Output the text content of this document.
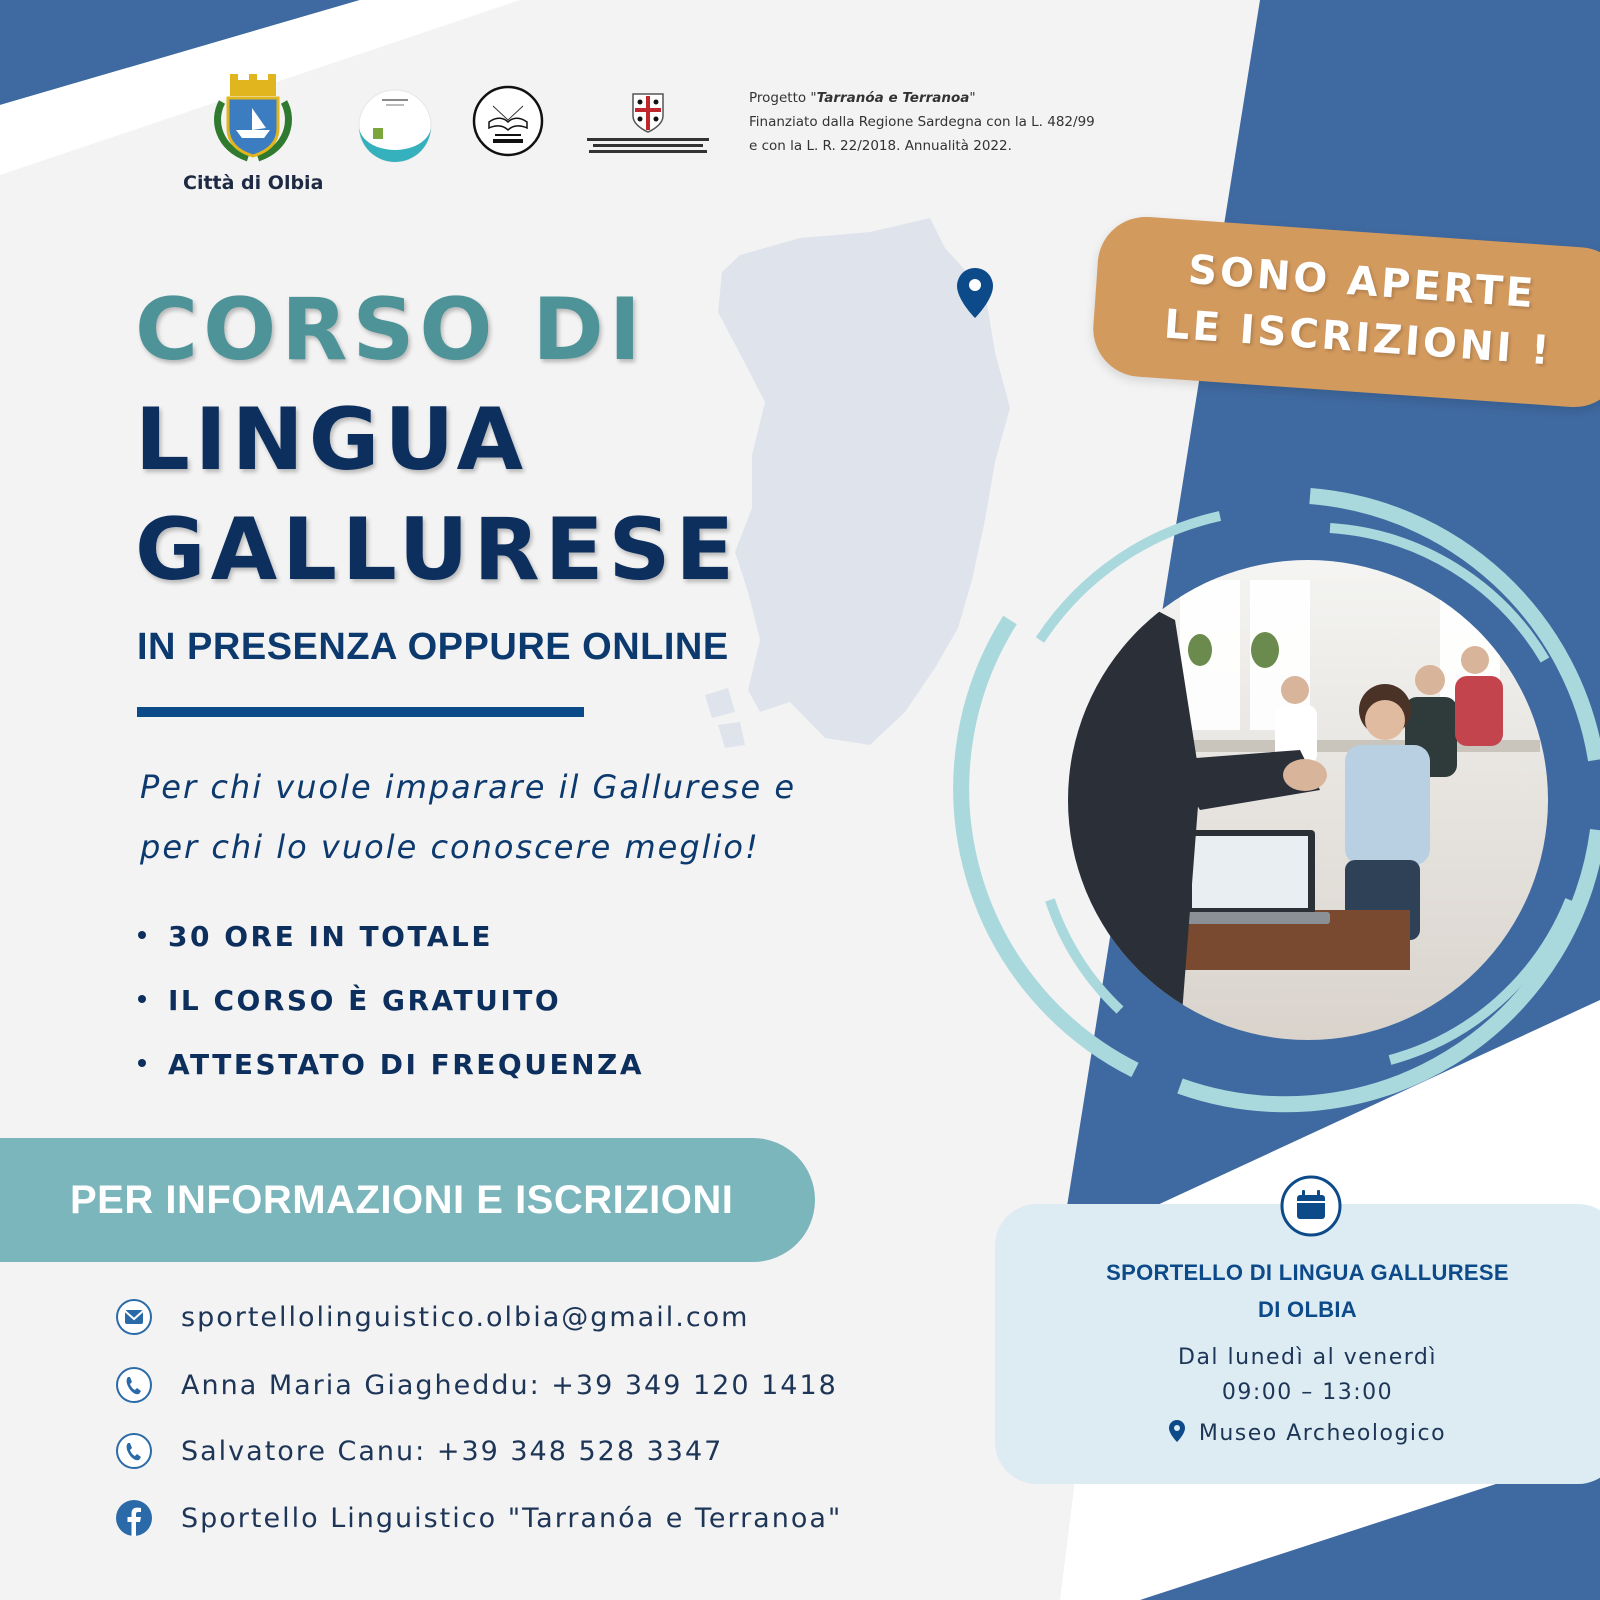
Città di Olbia
Progetto "Tarranóa e Terranoa"
Finanziato dalla Regione Sardegna con la L. 482/99
e con la L. R. 22/2018. Annualità 2022.
CORSO DI
LINGUA
GALLURESE
IN PRESENZA OPPURE ONLINE
Per chi vuole imparare il Gallurese e
per chi lo vuole conoscere meglio!
30 ORE IN TOTALE
IL CORSO È GRATUITO
ATTESTATO DI FREQUENZA
SONO APERTE
LE ISCRIZIONI !
PER INFORMAZIONI E ISCRIZIONI
sportellolinguistico.olbia@gmail.com
Anna Maria Giagheddu: +39 349 120 1418
Salvatore Canu: +39 348 528 3347
Sportello Linguistico "Tarranóa e Terranoa"
SPORTELLO DI LINGUA GALLURESE
DI OLBIA
Dal lunedì al venerdì
09:00 – 13:00
Museo Archeologico
